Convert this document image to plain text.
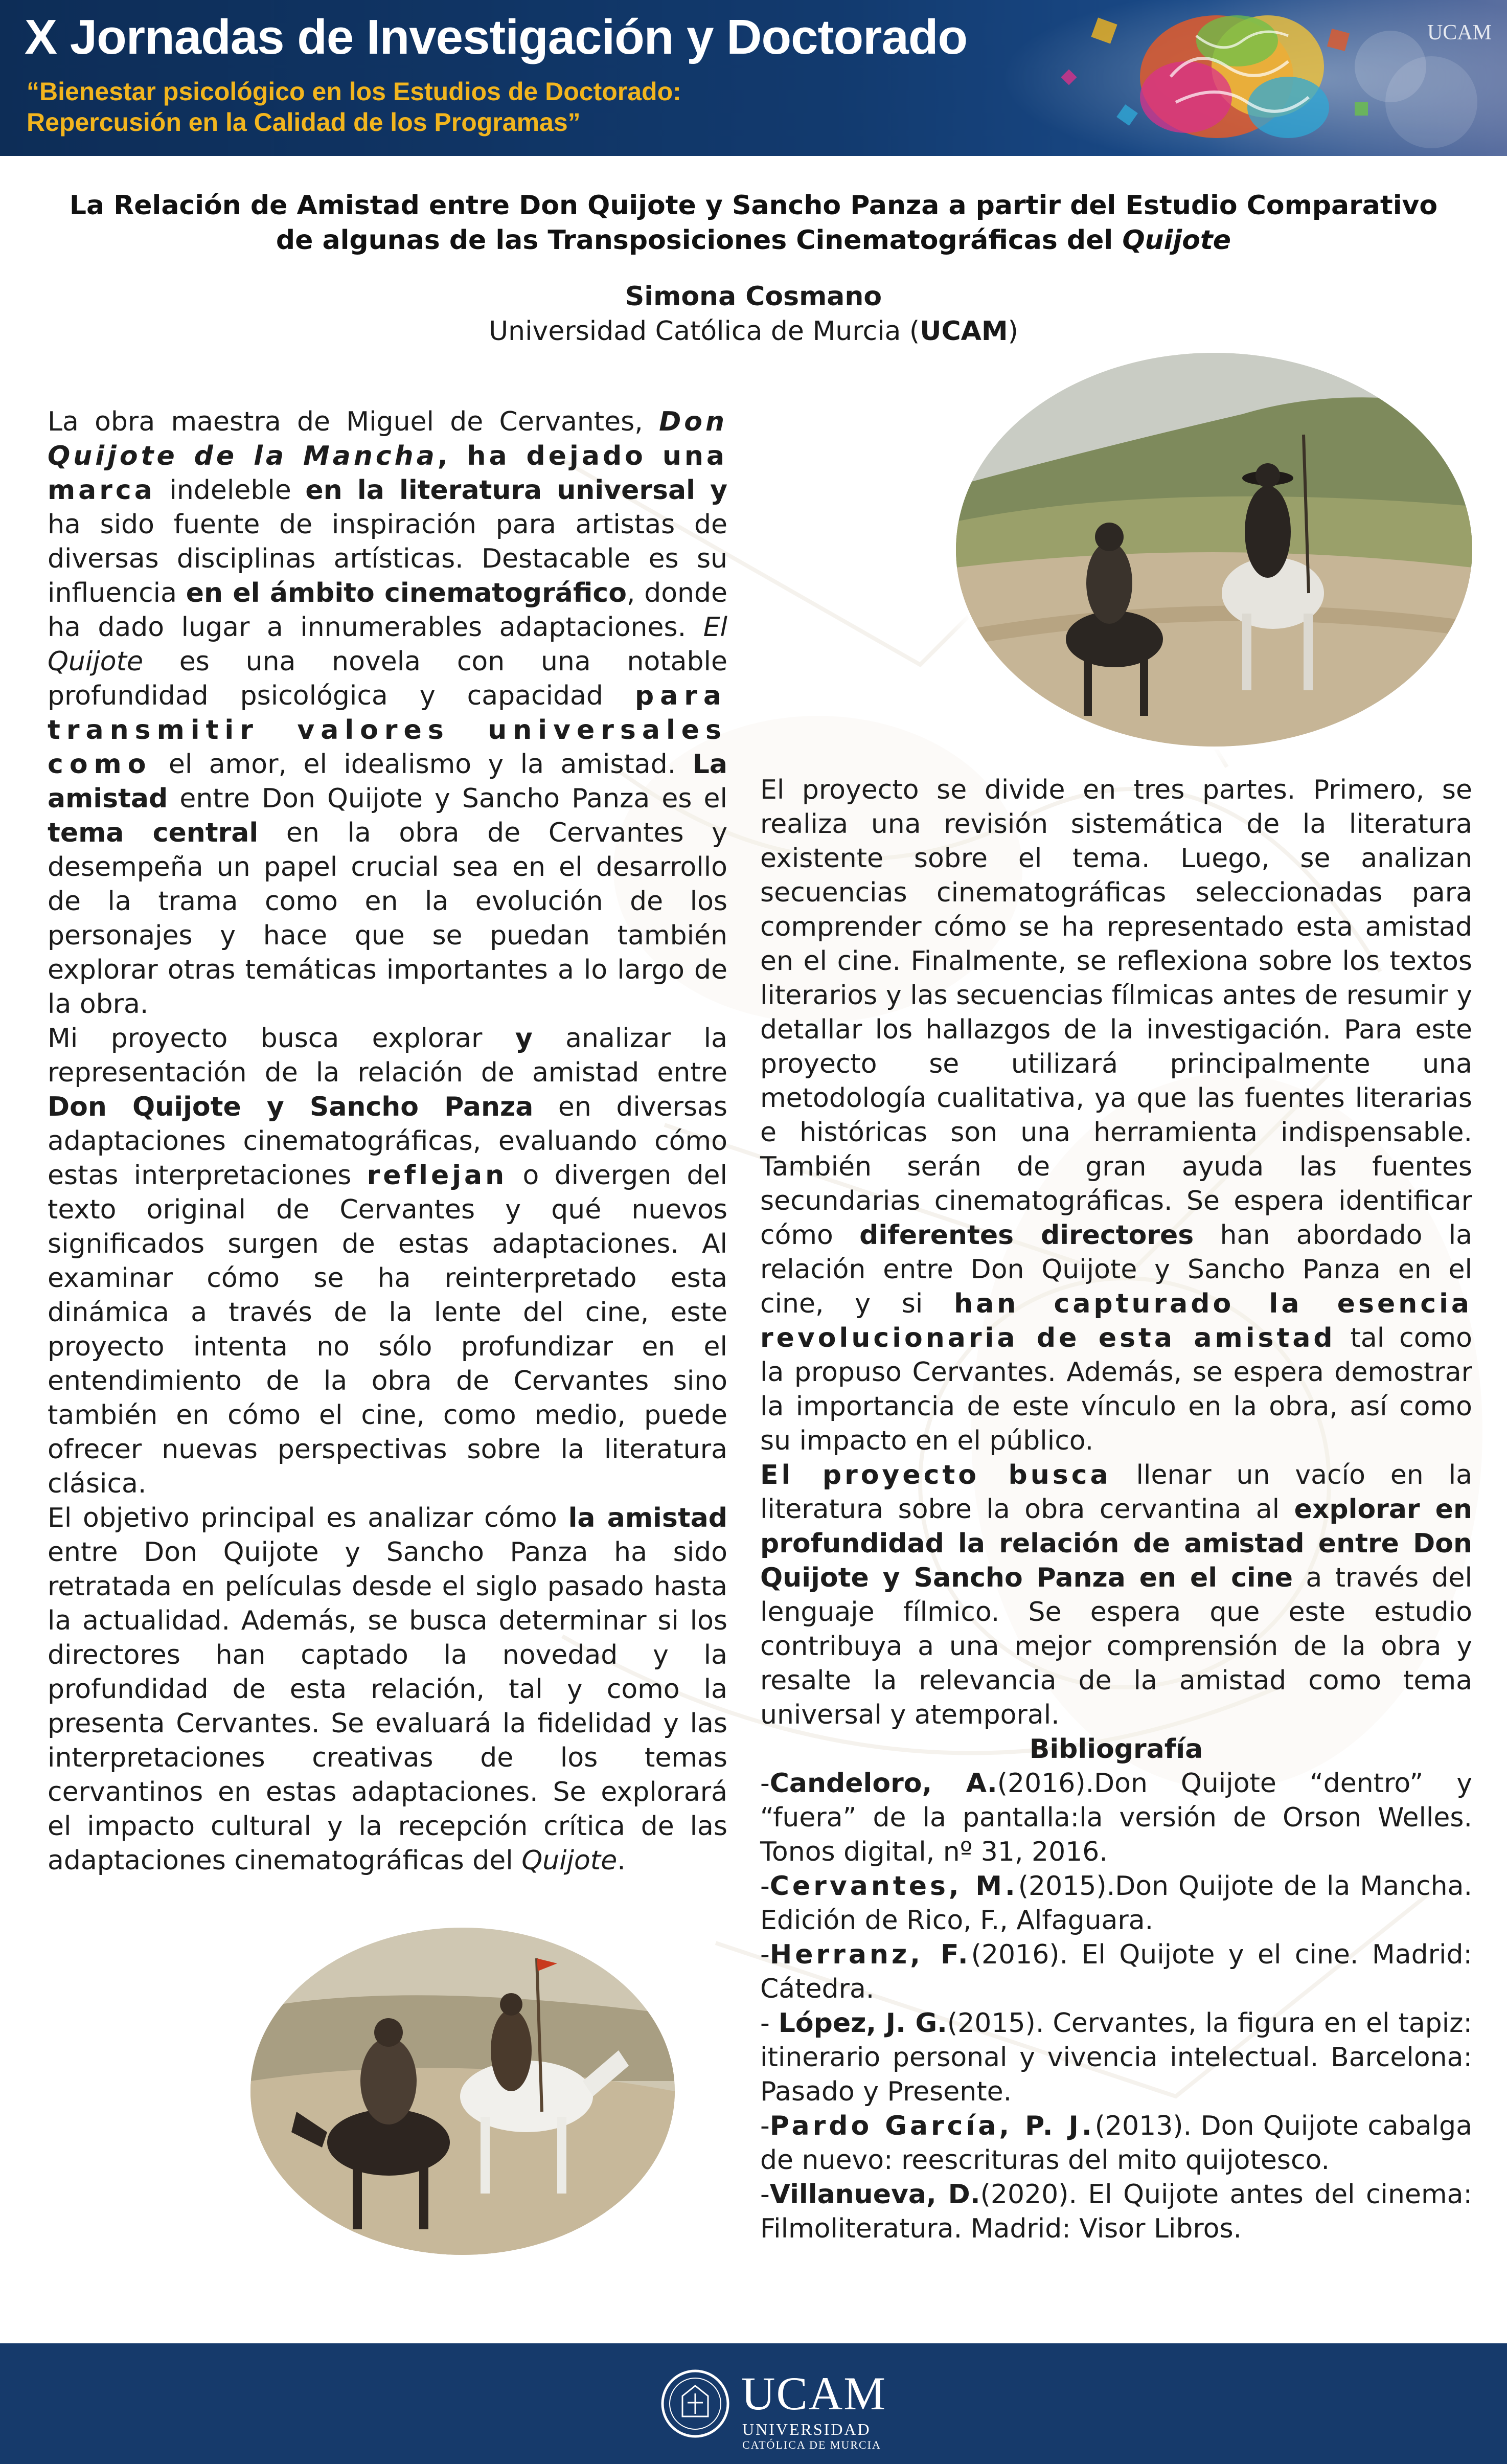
X Jornadas de Investigación y Doctorado
“Bienestar psicológico en los Estudios de Doctorado:
Repercusión en la Calidad de los Programas”
UCAM
La Relación de Amistad entre Don Quijote y Sancho Panza a partir del Estudio Comparativo
de algunas de las Transposiciones Cinematográficas del Quijote
Simona Cosmano
Universidad Católica de Murcia (UCAM)

La obra maestra de Miguel de Cervantes, Don Quijote de la Mancha, ha dejado una marca indeleble en la literatura universal y ha sido fuente de inspiración para artistas de diversas disciplinas artísticas. Destacable es su influencia en el ámbito cinematográfico, donde ha dado lugar a innumerables adaptaciones. El Quijote es una novela con una notable profundidad psicológica y capacidad para transmitir valores universales como el amor, el idealismo y la amistad. La amistad entre Don Quijote y Sancho Panza es el tema central en la obra de Cervantes y desempeña un papel crucial sea en el desarrollo de la trama como en la evolución de los personajes y hace que se puedan también explorar otras temáticas importantes a lo largo de la obra.

Mi proyecto busca explorar y analizar la representación de la relación de amistad entre Don Quijote y Sancho Panza en diversas adaptaciones cinematográficas, evaluando cómo estas interpretaciones reflejan o divergen del texto original de Cervantes y qué nuevos significados surgen de estas adaptaciones. Al examinar cómo se ha reinterpretado esta dinámica a través de la lente del cine, este proyecto intenta no sólo profundizar en el entendimiento de la obra de Cervantes sino también en cómo el cine, como medio, puede ofrecer nuevas perspectivas sobre la literatura clásica.

El objetivo principal es analizar cómo la amistad entre Don Quijote y Sancho Panza ha sido retratada en películas desde el siglo pasado hasta la actualidad. Además, se busca determinar si los directores han captado la novedad y la profundidad de esta relación, tal y como la presenta Cervantes. Se evaluará la fidelidad y las interpretaciones creativas de los temas cervantinos en estas adaptaciones. Se explorará el impacto cultural y la recepción crítica de las adaptaciones cinematográficas del Quijote.

El proyecto se divide en tres partes. Primero, se realiza una revisión sistemática de la literatura existente sobre el tema. Luego, se analizan secuencias cinematográficas seleccionadas para comprender cómo se ha representado esta amistad en el cine. Finalmente, se reflexiona sobre los textos literarios y las secuencias fílmicas antes de resumir y detallar los hallazgos de la investigación. Para este proyecto se utilizará principalmente una metodología cualitativa, ya que las fuentes literarias e históricas son una herramienta indispensable. También serán de gran ayuda las fuentes secundarias cinematográficas. Se espera identificar cómo diferentes directores han abordado la relación entre Don Quijote y Sancho Panza en el cine, y si han capturado la esencia revolucionaria de esta amistad tal como la propuso Cervantes. Además, se espera demostrar la importancia de este vínculo en la obra, así como su impacto en el público.

El proyecto busca llenar un vacío en la literatura sobre la obra cervantina al explorar en profundidad la relación de amistad entre Don Quijote y Sancho Panza en el cine a través del lenguaje fílmico. Se espera que este estudio contribuya a una mejor comprensión de la obra y resalte la relevancia de la amistad como tema universal y atemporal.

Bibliografía

-Candeloro, A.(2016).Don Quijote “dentro” y “fuera” de la pantalla:la versión de Orson Welles. Tonos digital, nº 31, 2016.

-Cervantes, M.(2015).Don Quijote de la Mancha. Edición de Rico, F., Alfaguara.

-Herranz, F.(2016). El Quijote y el cine. Madrid: Cátedra.

- López, J. G.(2015). Cervantes, la figura en el tapiz: itinerario personal y vivencia intelectual. Barcelona: Pasado y Presente.

-Pardo García, P. J.(2013). Don Quijote cabalga de nuevo: reescrituras del mito quijotesco.

-Villanueva, D.(2020). El Quijote antes del cinema: Filmoliteratura. Madrid: Visor Libros.

UCAM
UNIVERSIDAD
CATÓLICA DE MURCIA
